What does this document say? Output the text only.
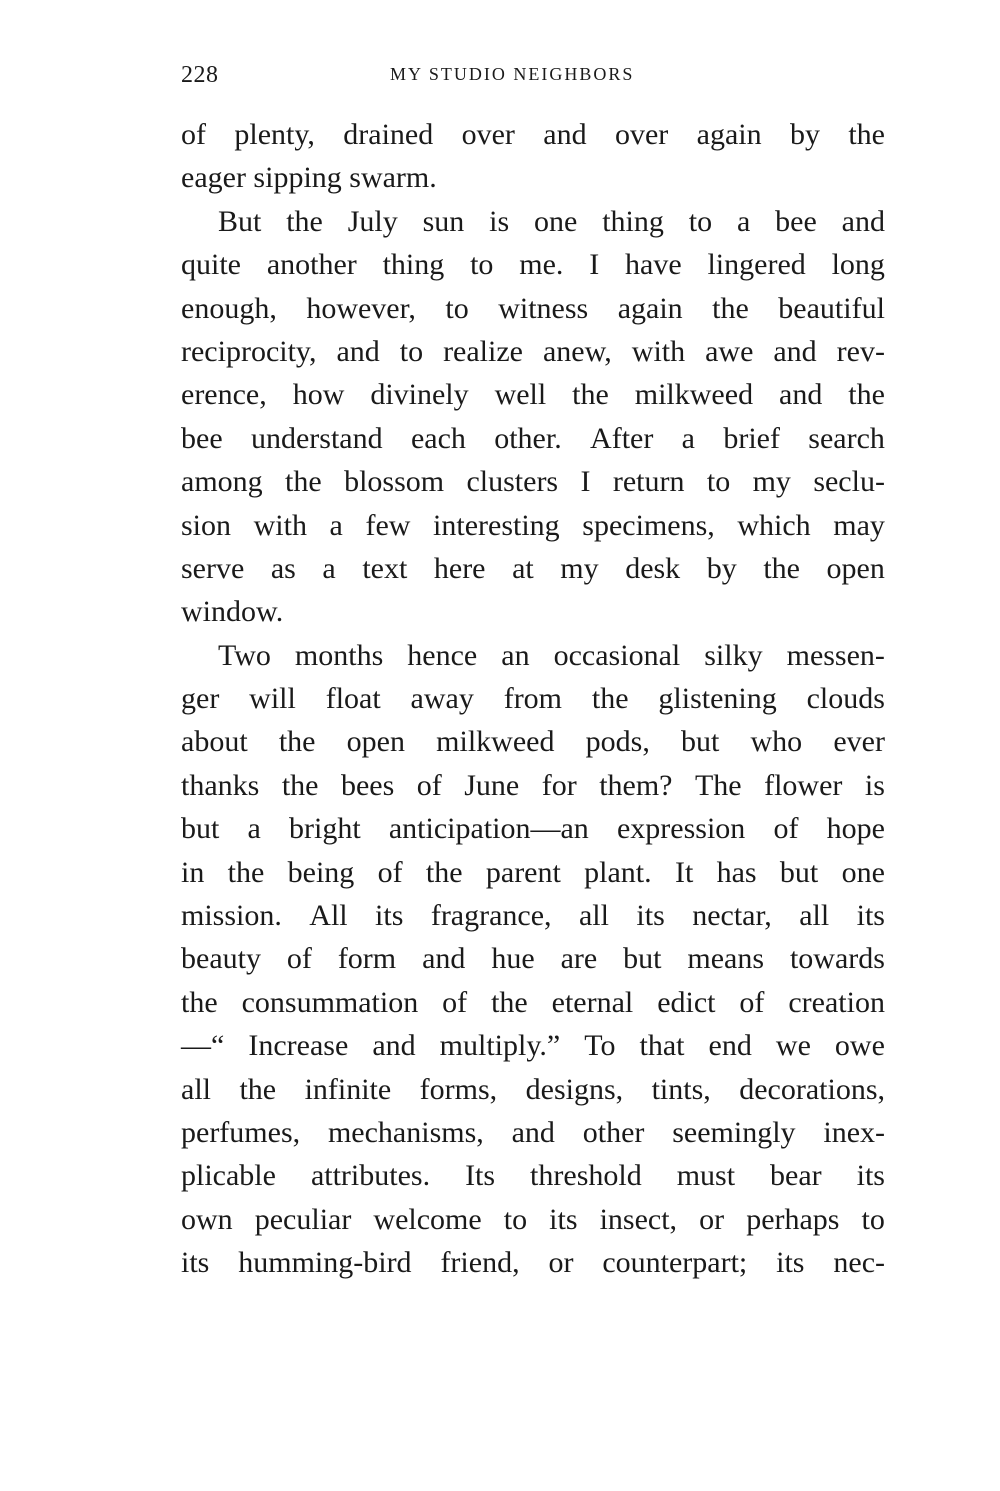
228	MY STUDIO NEIGHBORS
of plenty, drained over and over again by the
eager sipping swarm.
But the July sun is one thing to a bee and
quite another thing to me. I have lingered long
enough, however, to witness again the beautiful
reciprocity, and to realize anew, with awe and rev-
erence, how divinely well the milkweed and the
bee understand each other. After a brief search
among the blossom clusters I return to my seclu-
sion with a few interesting specimens, which may
serve as a text here at my desk by the open
window.
Two months hence an occasional silky messen-
ger will float away from the glistening clouds
about the open milkweed pods, but who ever
thanks the bees of June for them? The flower is
but a bright anticipation—an expression of hope
in the being of the parent plant. It has but one
mission. All its fragrance, all its nectar, all its
beauty of form and hue are but means towards
the consummation of the eternal edict of creation
—“ Increase and multiply.” To that end we owe
all the infinite forms, designs, tints, decorations,
perfumes, mechanisms, and other seemingly inex-
plicable attributes. Its threshold must bear its
own peculiar welcome to its insect, or perhaps to
its humming-bird friend, or counterpart; its nec-
